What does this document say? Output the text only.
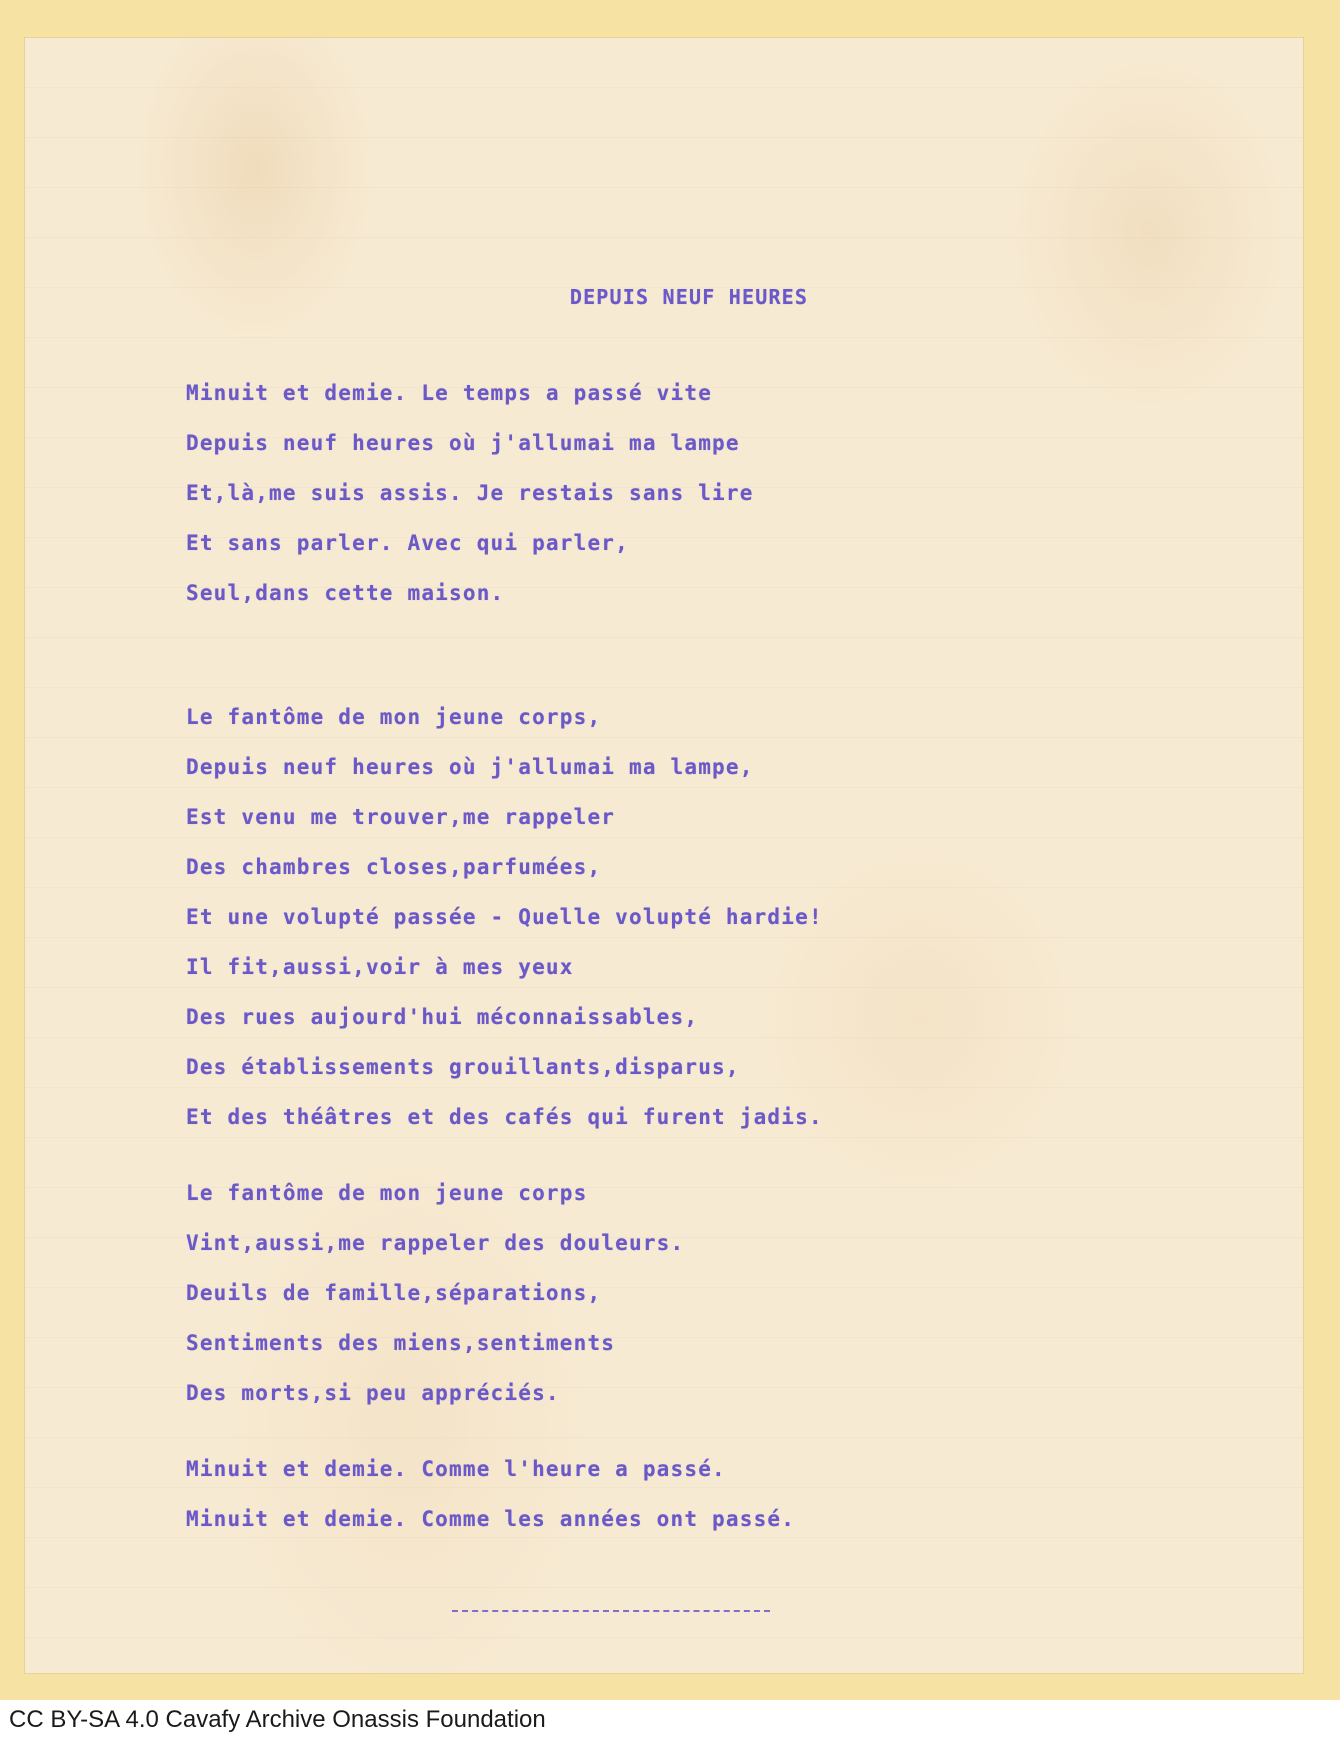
DEPUIS NEUF HEURES
Minuit et demie. Le temps a passé vite
Depuis neuf heures où j'allumai ma lampe
Et,là,me suis assis. Je restais sans lire
Et sans parler. Avec qui parler,
Seul,dans cette maison.
Le fantôme de mon jeune corps,
Depuis neuf heures où j'allumai ma lampe,
Est venu me trouver,me rappeler
Des chambres closes,parfumées,
Et une volupté passée - Quelle volupté hardie!
Il fit,aussi,voir à mes yeux
Des rues aujourd'hui méconnaissables,
Des établissements grouillants,disparus,
Et des théâtres et des cafés qui furent jadis.
Le fantôme de mon jeune corps
Vint,aussi,me rappeler des douleurs.
Deuils de famille,séparations,
Sentiments des miens,sentiments
Des morts,si peu appréciés.
Minuit et demie. Comme l'heure a passé.
Minuit et demie. Comme les années ont passé.
CC BY-SA 4.0 Cavafy Archive Onassis Foundation
